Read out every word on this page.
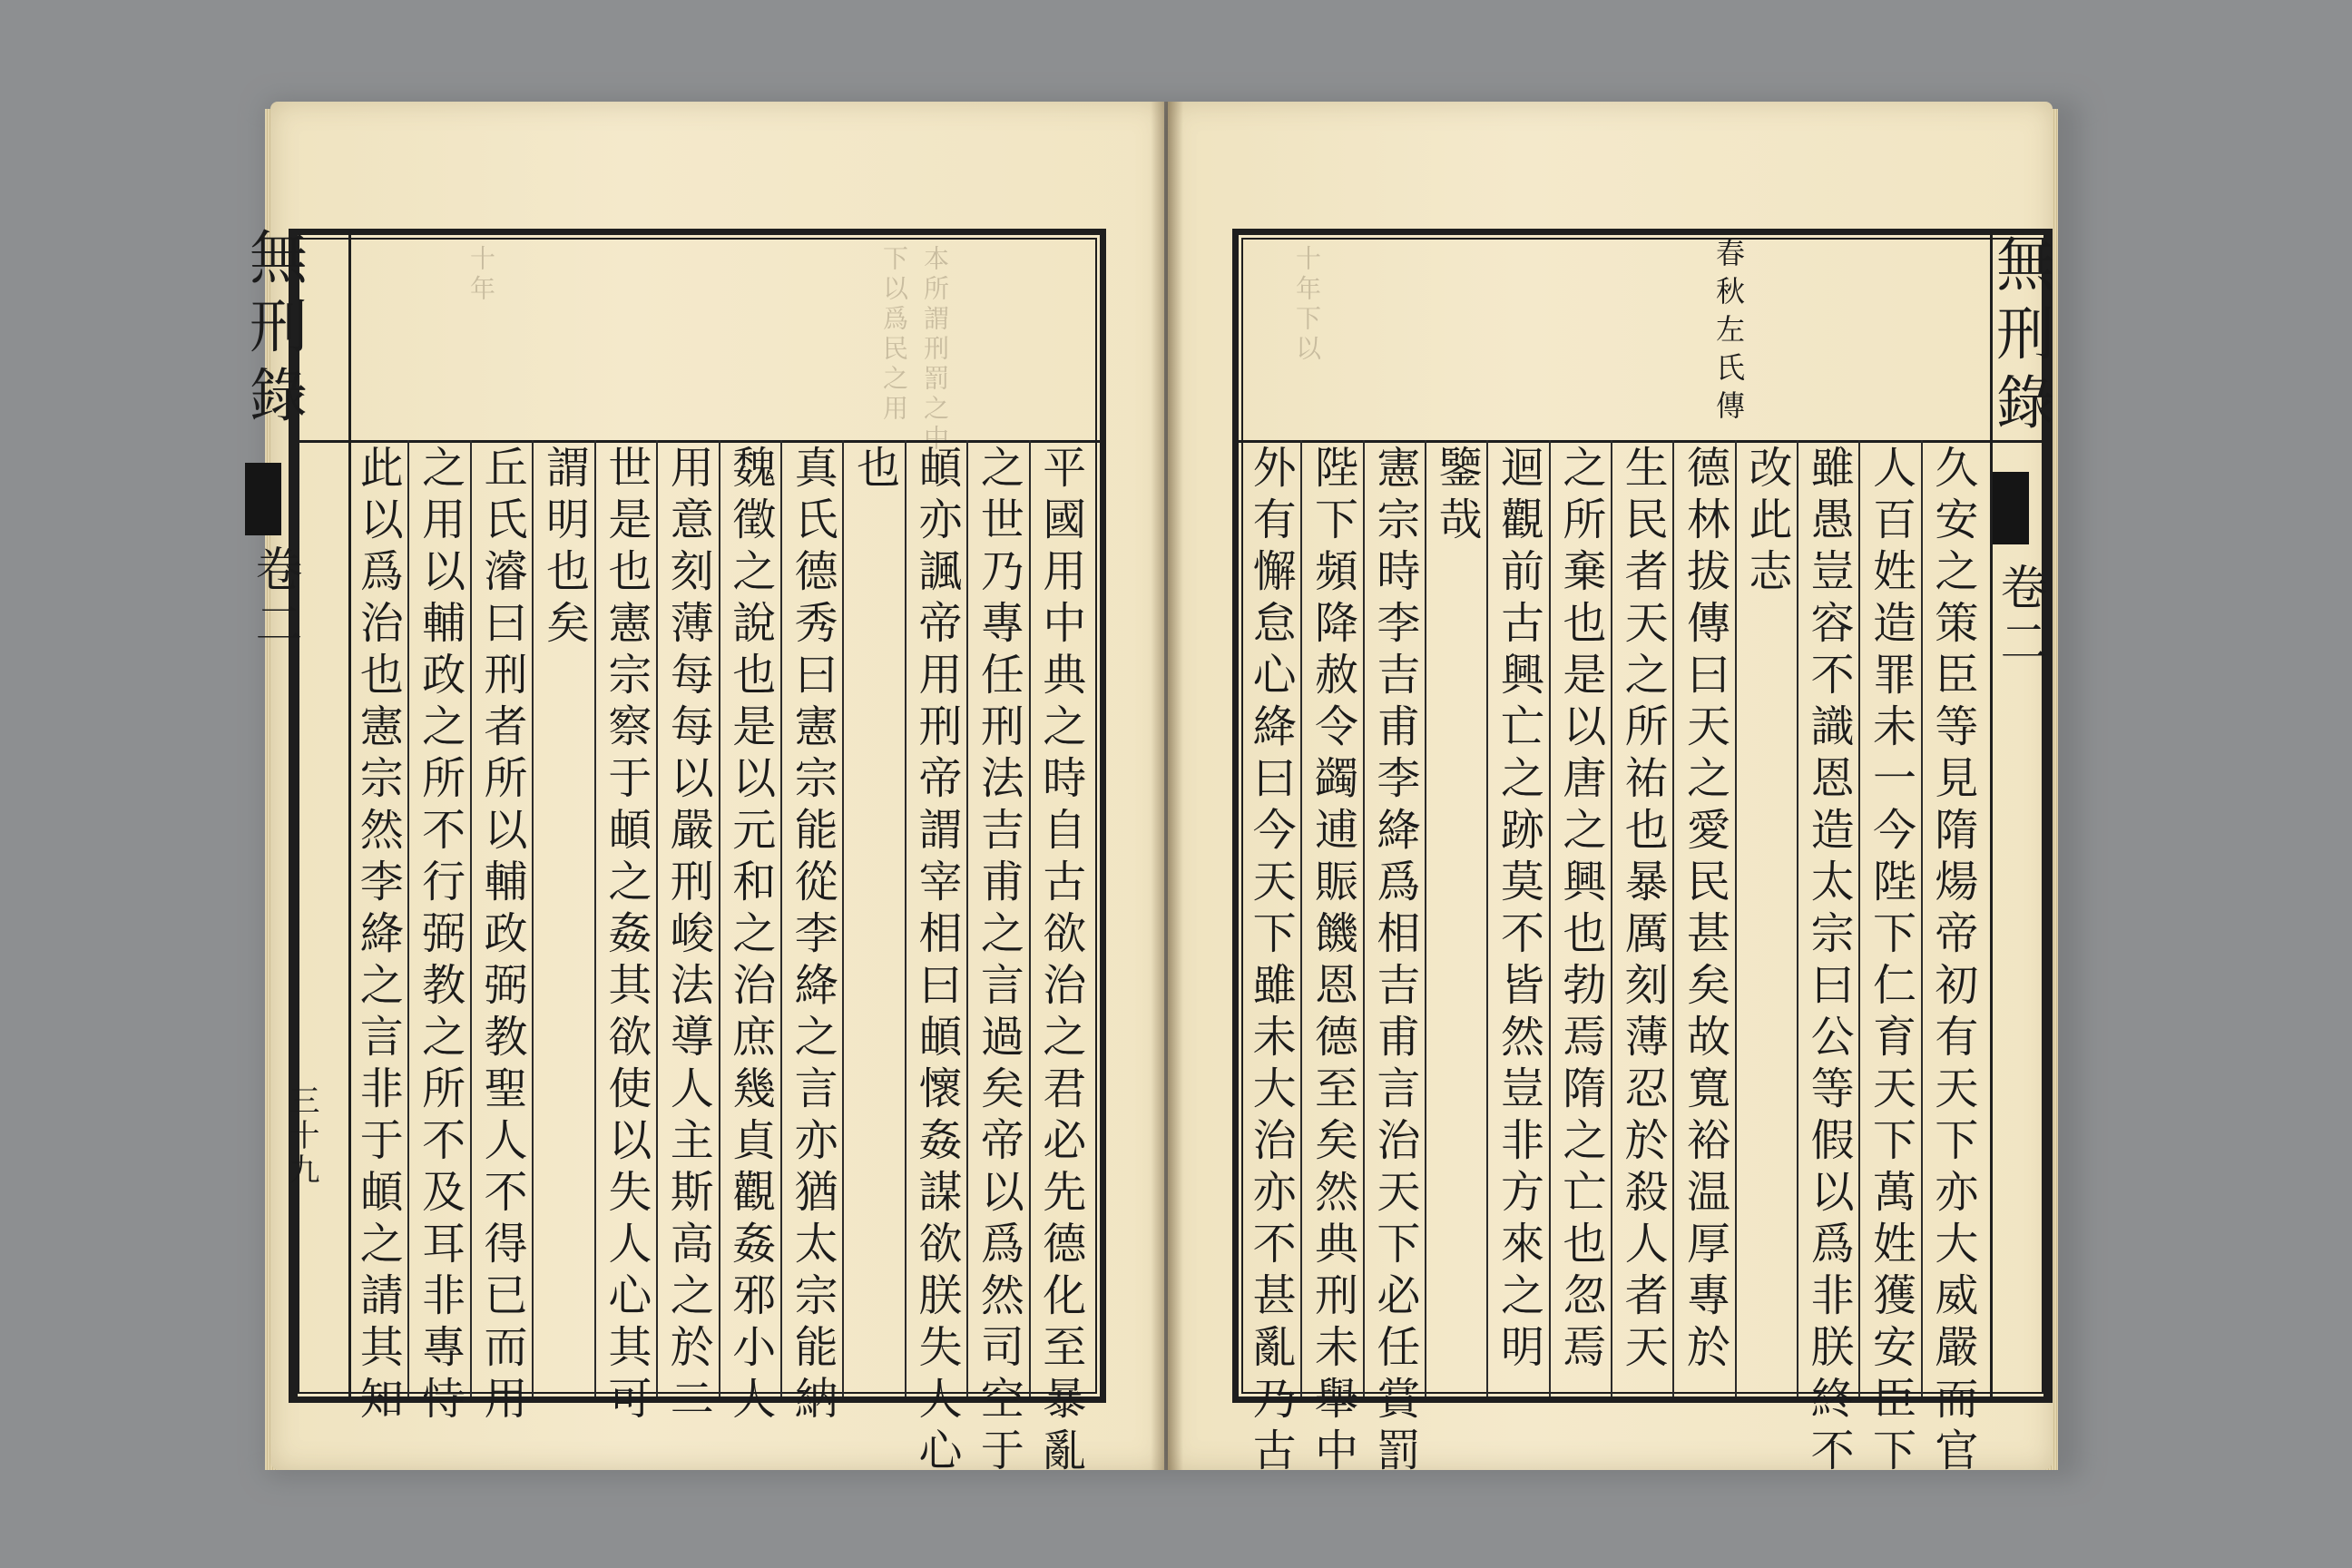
本所謂刑罰之中
下以爲民之用
十年	十年下以
無刑錄
卷二
三十九
無刑錄
卷二
春秋左氏傳
平國用中典之時自古欲治之君必先德化至暴亂
之世乃專任刑法吉甫之言過矣帝以爲然司空于
頔亦諷帝用刑帝謂宰相曰頔懷姦謀欲朕失人心
也
真氏德秀曰憲宗能從李絳之言亦猶太宗能納
魏徵之說也是以元和之治庶幾貞觀姦邪小人
用意刻薄每每以嚴刑峻法導人主斯高之於二
世是也憲宗察于頔之姦其欲使以失人心其可
謂明也矣
丘氏濬曰刑者所以輔政弼教聖人不得已而用
之用以輔政之所不行弼教之所不及耳非專恃
此以爲治也憲宗然李絳之言非于頔之請其知	久安之策臣等見隋煬帝初有天下亦大威嚴而官
人百姓造罪未一今陛下仁育天下萬姓獲安臣下
雖愚豈容不識恩造太宗曰公等假以爲非朕終不
改此志
德林拔傳曰天之愛民甚矣故寬裕温厚專於
生民者天之所祐也暴厲刻薄忍於殺人者天
之所棄也是以唐之興也勃焉隋之亡也忽焉
迴觀前古興亡之跡莫不皆然豈非方來之明
鑒哉
憲宗時李吉甫李絳爲相吉甫言治天下必任賞罰
陛下頻降赦令蠲逋賑饑恩德至矣然典刑未舉中
外有懈怠心絳曰今天下雖未大治亦不甚亂乃古
